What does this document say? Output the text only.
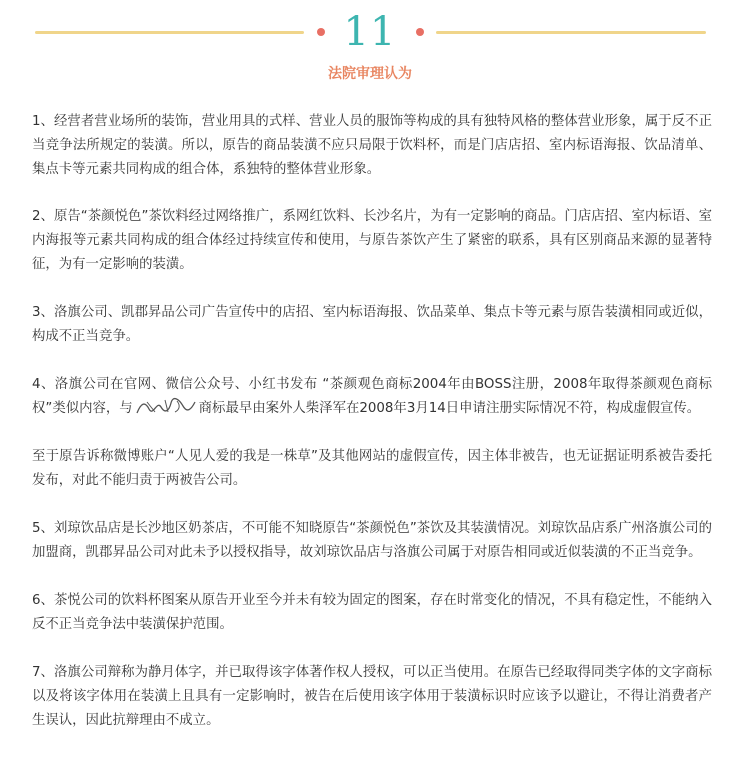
11
法院审理认为

1、经营者营业场所的装饰，营业用具的式样、营业人员的服饰等构成的具有独特风格的整体营业形象，属于反不正当竞争法所规定的装潢。所以，原告的商品装潢不应只局限于饮料杯，而是门店店招、室内标语海报、饮品清单、集点卡等元素共同构成的组合体，系独特的整体营业形象。

2、原告“茶颜悦色”茶饮料经过网络推广，系网红饮料、长沙名片，为有一定影响的商品。门店店招、室内标语、室内海报等元素共同构成的组合体经过持续宣传和使用，与原告茶饮产生了紧密的联系，具有区别商品来源的显著特征，为有一定影响的装潢。

3、洛旗公司、凯郡昇品公司广告宣传中的店招、室内标语海报、饮品菜单、集点卡等元素与原告装潢相同或近似，构成不正当竞争。

4、洛旗公司在官网、微信公众号、小红书发布 “茶颜观色商标2004年由BOSS注册，2008年取得茶颜观色商标权”类似内容，与	商标最早由案外人柴泽军在2008年3月14日申请注册实际情况不符，构成虚假宣传。

至于原告诉称微博账户“人见人爱的我是一株草”及其他网站的虚假宣传，因主体非被告，也无证据证明系被告委托发布，对此不能归责于两被告公司。

5、刘琼饮品店是长沙地区奶茶店，不可能不知晓原告“茶颜悦色”茶饮及其装潢情况。刘琼饮品店系广州洛旗公司的加盟商，凯郡昇品公司对此未予以授权指导，故刘琼饮品店与洛旗公司属于对原告相同或近似装潢的不正当竞争。

6、茶悦公司的饮料杯图案从原告开业至今并未有较为固定的图案，存在时常变化的情况，不具有稳定性，不能纳入反不正当竞争法中装潢保护范围。

7、洛旗公司辩称为静月体字，并已取得该字体著作权人授权，可以正当使用。在原告已经取得同类字体的文字商标以及将该字体用在装潢上且具有一定影响时，被告在后使用该字体用于装潢标识时应该予以避让，不得让消费者产生误认，因此抗辩理由不成立。
